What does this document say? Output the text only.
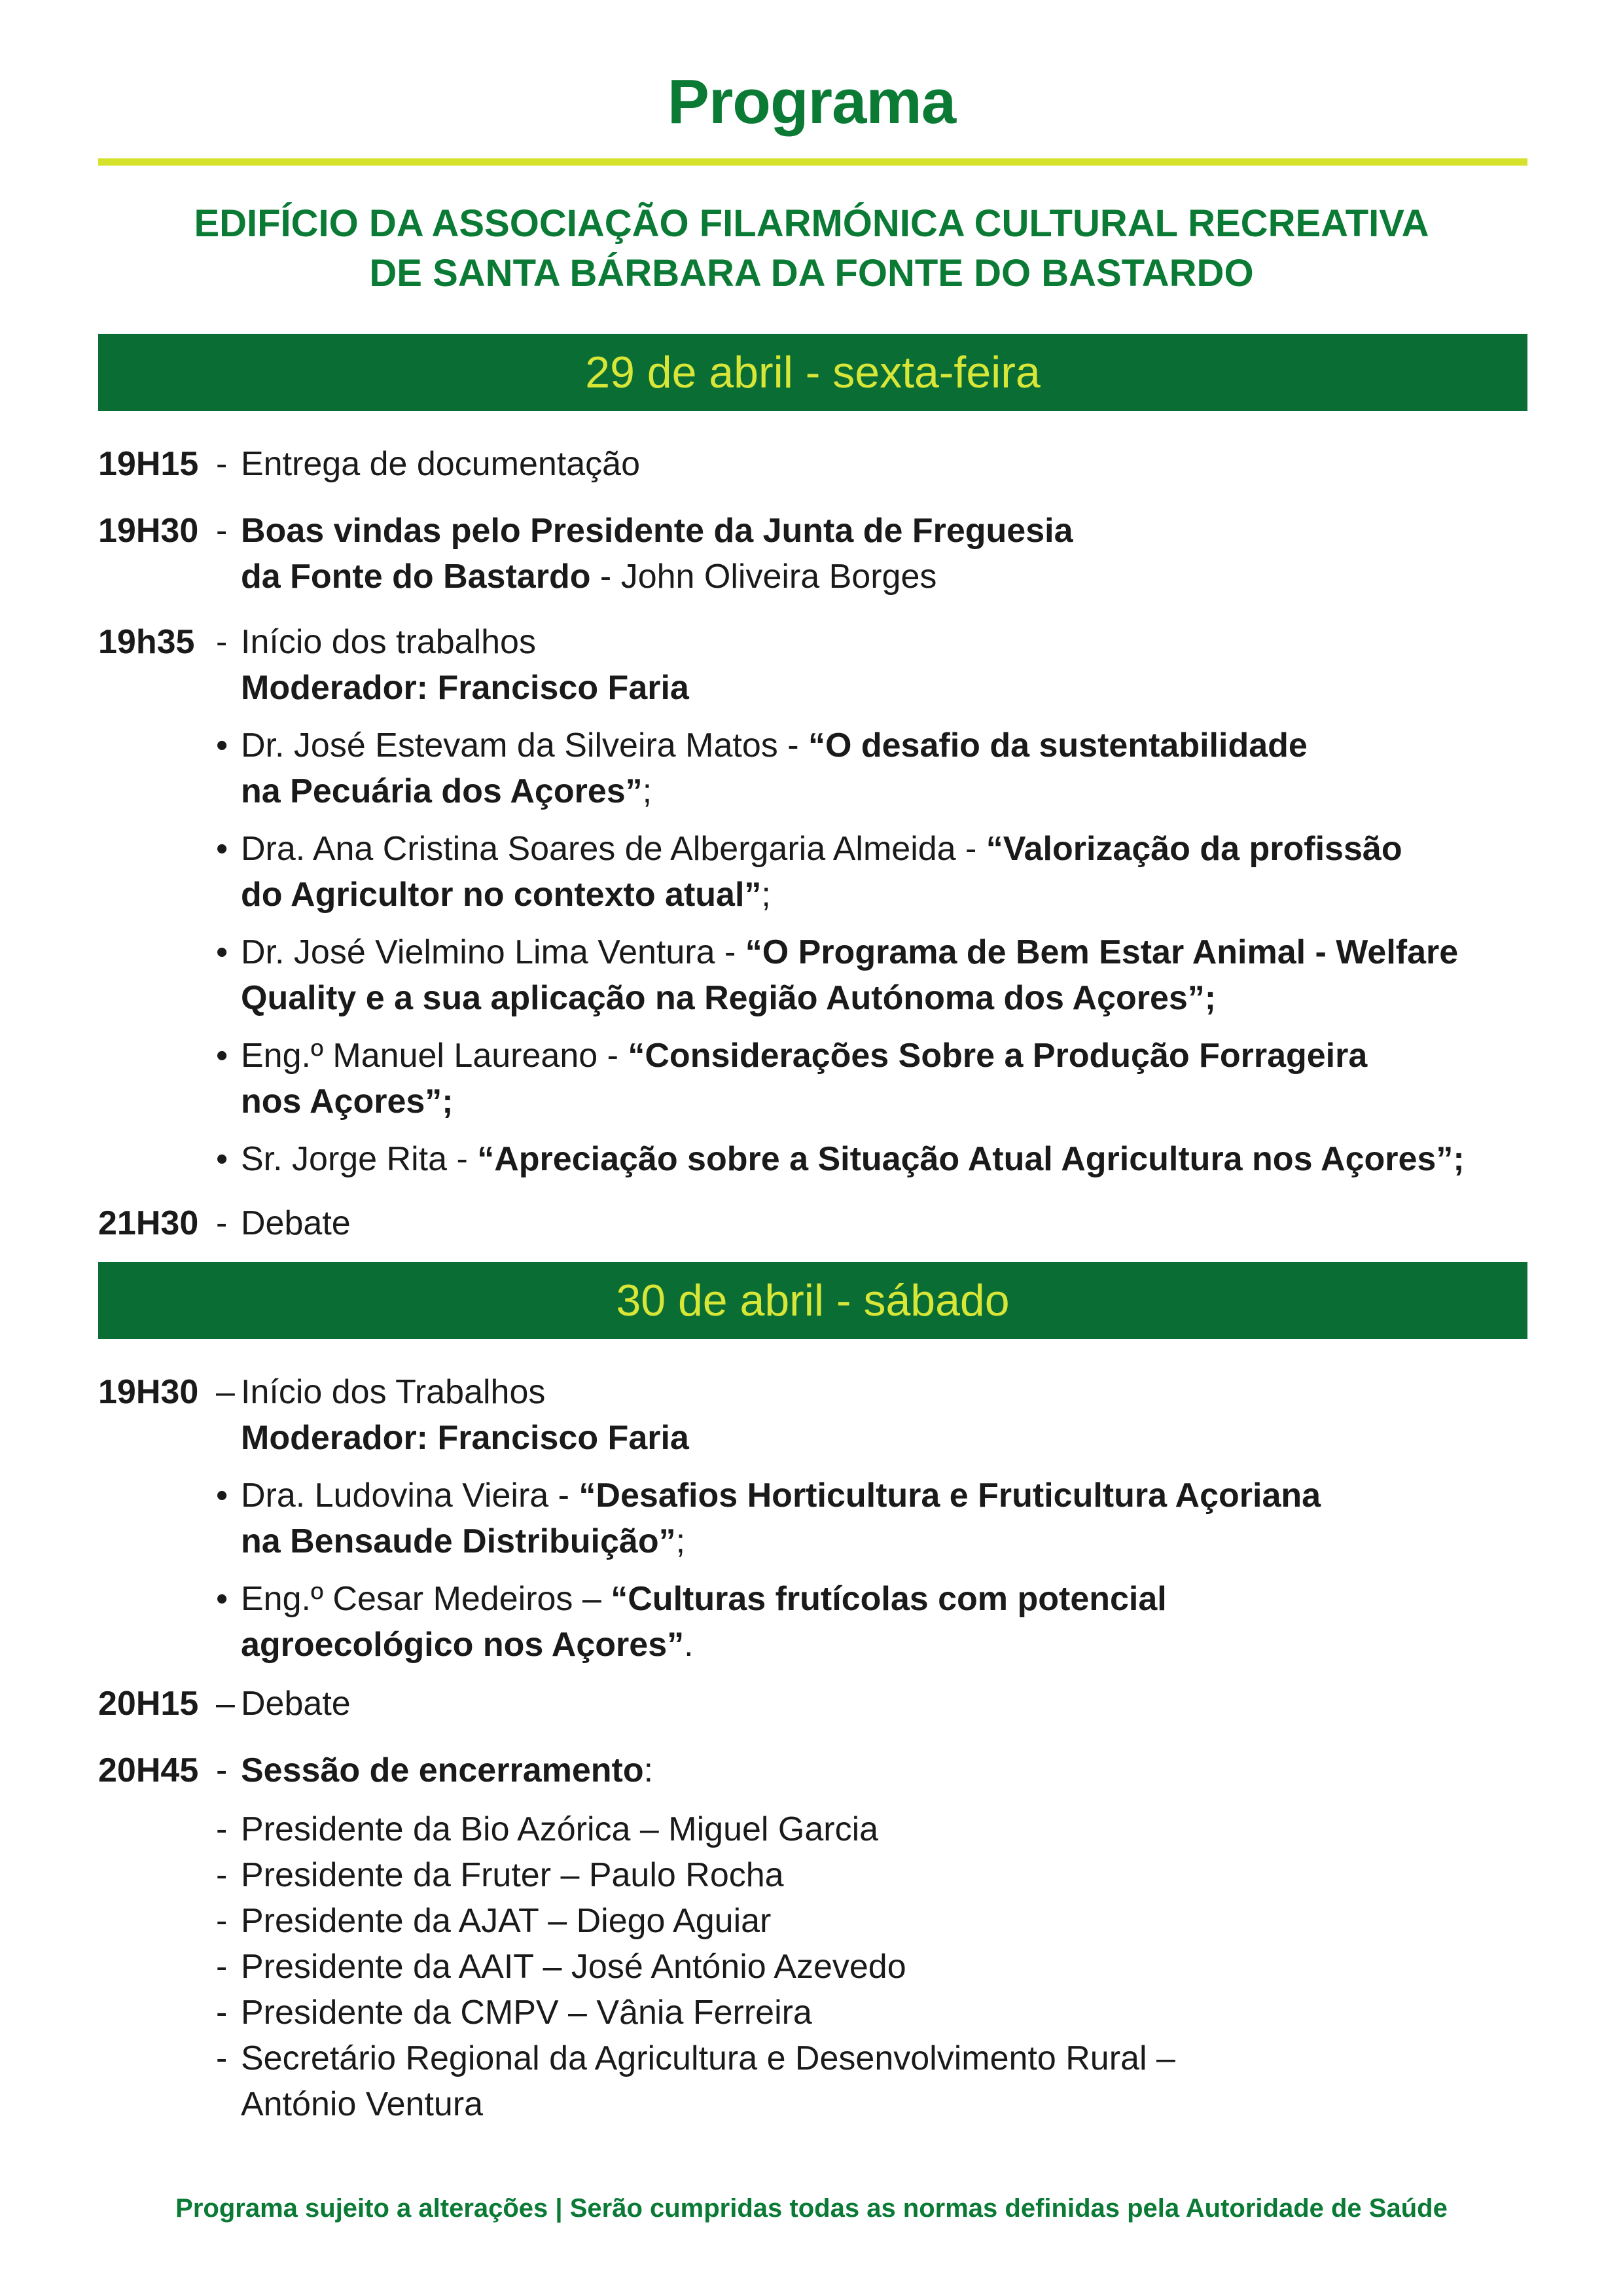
Programa
EDIFÍCIO DA ASSOCIAÇÃO FILARMÓNICA CULTURAL RECREATIVA
DE SANTA BÁRBARA DA FONTE DO BASTARDO
29 de abril - sexta-feira
19H15 - Entrega de documentação
19H30 - Boas vindas pelo Presidente da Junta de Freguesia
da Fonte do Bastardo - John Oliveira Borges
19h35 - Início dos trabalhos
Moderador: Francisco Faria
• Dr. José Estevam da Silveira Matos - “O desafio da sustentabilidade
na Pecuária dos Açores”;
• Dra. Ana Cristina Soares de Albergaria Almeida - “Valorização da profissão
do Agricultor no contexto atual”;
• Dr. José Vielmino Lima Ventura - “O Programa de Bem Estar Animal - Welfare
Quality e a sua aplicação na Região Autónoma dos Açores”;
• Eng.º Manuel Laureano - “Considerações Sobre a Produção Forrageira
nos Açores”;
• Sr. Jorge Rita - “Apreciação sobre a Situação Atual Agricultura nos Açores”;
21H30 - Debate
30 de abril - sábado
19H30 – Início dos Trabalhos
Moderador: Francisco Faria
• Dra. Ludovina Vieira - “Desafios Horticultura e Fruticultura Açoriana
na Bensaude Distribuição”;
• Eng.º Cesar Medeiros – “Culturas frutícolas com potencial
agroecológico nos Açores”.
20H15 – Debate
20H45 - Sessão de encerramento:
- Presidente da Bio Azórica – Miguel Garcia
- Presidente da Fruter – Paulo Rocha
- Presidente da AJAT – Diego Aguiar
- Presidente da AAIT – José António Azevedo
- Presidente da CMPV – Vânia Ferreira
- Secretário Regional da Agricultura e Desenvolvimento Rural –
António Ventura
Programa sujeito a alterações | Serão cumpridas todas as normas definidas pela Autoridade de Saúde
